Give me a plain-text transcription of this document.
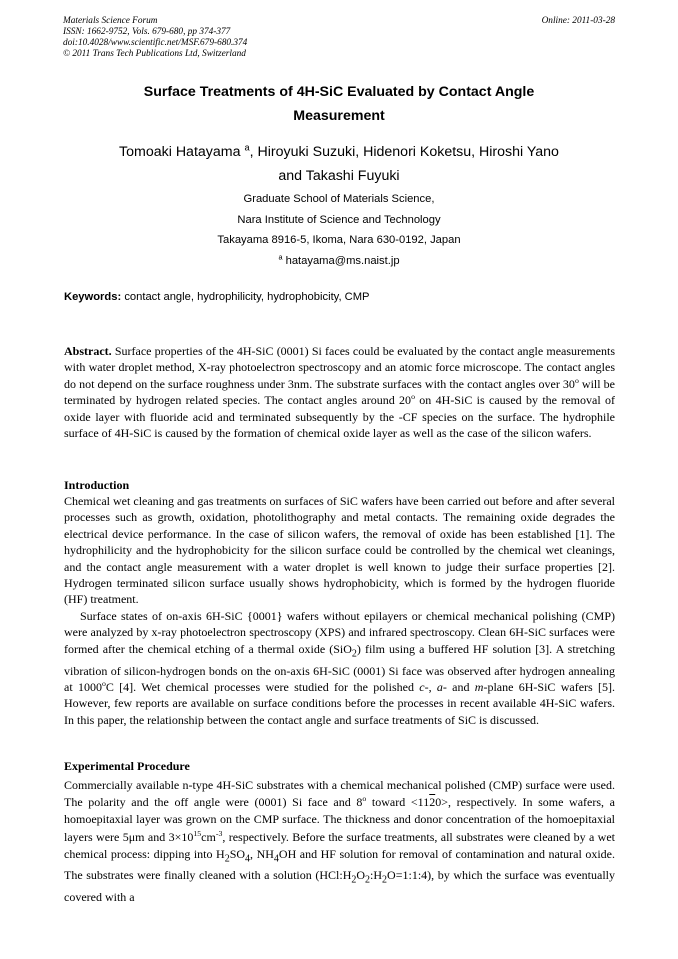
Materials Science Forum
ISSN: 1662-9752, Vols. 679-680, pp 374-377
doi:10.4028/www.scientific.net/MSF.679-680.374
© 2011 Trans Tech Publications Ltd, Switzerland
Online: 2011-03-28
Surface Treatments of 4H-SiC Evaluated by Contact Angle
Measurement
Tomoaki Hatayama $^a$, Hiroyuki Suzuki, Hidenori Koketsu, Hiroshi Yano
and Takashi Fuyuki
Graduate School of Materials Science,
Nara Institute of Science and Technology
Takayama 8916-5, Ikoma, Nara 630-0192, Japan
$^a$ hatayama@ms.naist.jp
Keywords: contact angle, hydrophilicity, hydrophobicity, CMP
Abstract. Surface properties of the 4H-SiC (0001) Si faces could be evaluated by the contact angle measurements with water droplet method, X-ray photoelectron spectroscopy and an atomic force microscope. The contact angles do not depend on the surface roughness under 3nm. The substrate surfaces with the contact angles over 30$^o$ will be terminated by hydrogen related species. The contact angles around 20$^o$ on 4H-SiC is caused by the removal of oxide layer with fluoride acid and terminated subsequently by the -CF species on the surface. The hydrophile surface of 4H-SiC is caused by the formation of chemical oxide layer as well as the case of the silicon wafers.
Introduction
Chemical wet cleaning and gas treatments on surfaces of SiC wafers have been carried out before and after several processes such as growth, oxidation, photolithography and metal contacts. The remaining oxide degrades the electrical device performance. In the case of silicon wafers, the removal of oxide has been established [1]. The hydrophilicity and the hydrophobicity for the silicon surface could be controlled by the chemical wet cleanings, and the contact angle measurement with a water droplet is well known to judge their surface properties [2]. Hydrogen terminated silicon surface usually shows hydrophobicity, which is formed by the hydrogen fluoride (HF) treatment.
Surface states of on-axis 6H-SiC {0001} wafers without epilayers or chemical mechanical polishing (CMP) were analyzed by x-ray photoelectron spectroscopy (XPS) and infrared spectroscopy. Clean 6H-SiC surfaces were formed after the chemical etching of a thermal oxide (SiO$_2$) film using a buffered HF solution [3]. A stretching vibration of silicon-hydrogen bonds on the on-axis 6H-SiC (0001) Si face was observed after hydrogen annealing at 1000$^o$C [4]. Wet chemical processes were studied for the polished c-, a- and m-plane 6H-SiC wafers [5]. However, few reports are available on surface conditions before the processes in recent available 4H-SiC wafers. In this paper, the relationship between the contact angle and surface treatments of SiC is discussed.
Experimental Procedure
Commercially available n-type 4H-SiC substrates with a chemical mechanical polished (CMP) surface were used. The polarity and the off angle were (0001) Si face and 8$^o$ toward <1120>, respectively. In some wafers, a homoepitaxial layer was grown on the CMP surface. The thickness and donor concentration of the homoepitaxial layers were 5μm and $3\times 10^{15}cm^{-3}$, respectively. Before the surface treatments, all substrates were cleaned by a wet chemical process: dipping into $H_2SO_4$, $NH_4OH$ and HF solution for removal of contamination and natural oxide. The substrates were finally cleaned with a solution $(HCl:H_2O_2:H_2O=1:1:4)$, by which the surface was eventually covered with a
